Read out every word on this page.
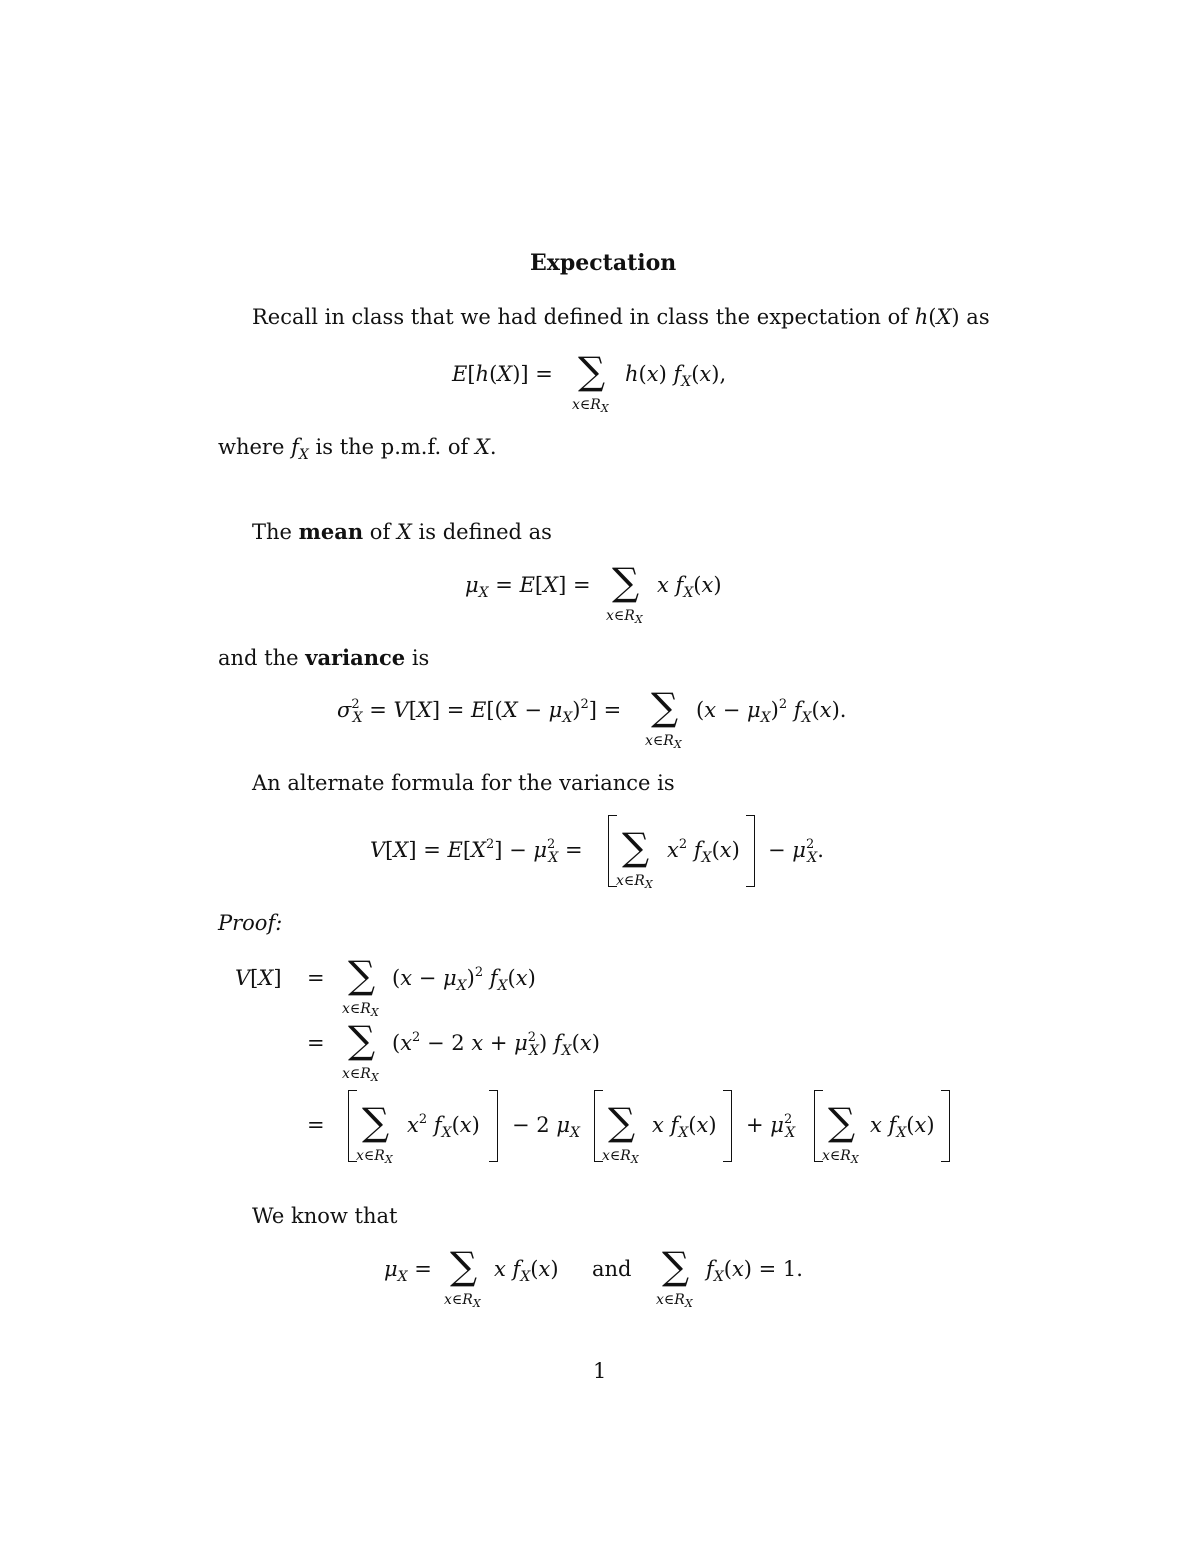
Expectation
Recall in class that we had defined in class the expectation of h(X) as
E[h(X)] = ∑
$x\in R_X$
h(x) $f_X(x)$,
where $f_X$ is the p.m.f. of X.
The mean of X is defined as
$\mu_X = E[X]$ = ∑
$x\in R_X$
x $f_X(x)$
and the variance is
$\sigma^2_X = V[X] = E[(X - \mu_X)^2]$ = ∑
$x\in R_X$
$(x - \mu_X)^2$ $f_X(x)$.
An alternate formula for the variance is
$V[X] = E[X^2] - \mu^2_X$ = ∑
$x\in R_X$
$x^2$ $f_X(x) - \mu^2_X$.
Proof:
V[X] = ∑
$x\in R_X$
$(x - \mu_X)^2$ $f_X(x)$
= ∑
$x\in R_X$
($x^2 - 2$ $x + \mu^2_X$) $f_X(x)$
= ∑
$x\in R_X$
$x^2$ $f_X(x) - 2$ $\mu_X$ ∑
$x\in R_X$
x $f_X(x) + \mu^2_X$ ∑
$x\in R_X$
x $f_X(x)$
We know that
$\mu_X$ = ∑
$x\in R_X$
x $f_X(x)$ and ∑
$x\in R_X$
$f_X(x) = 1$.
1
